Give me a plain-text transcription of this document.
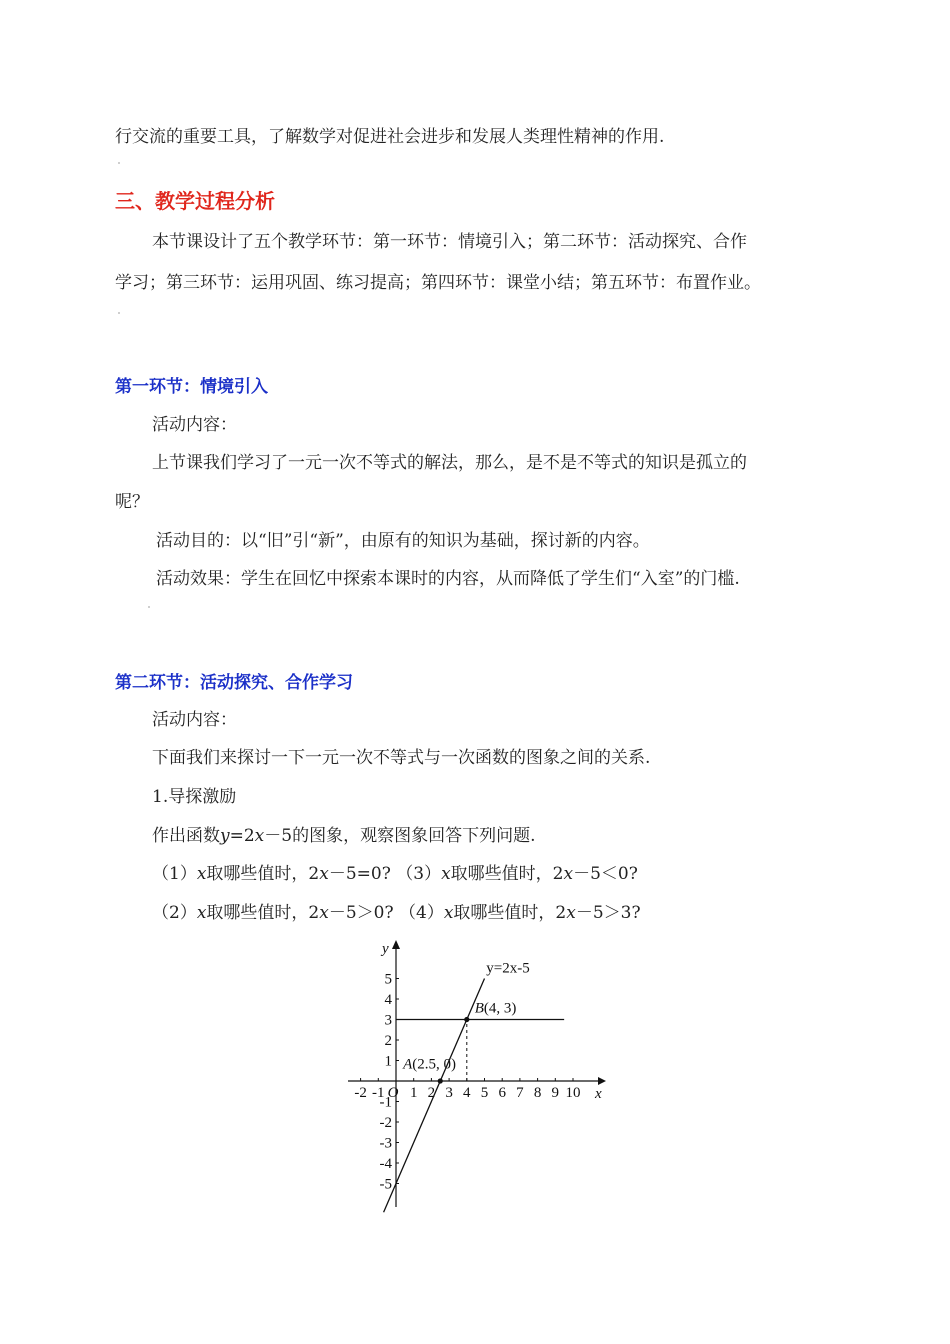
行交流的重要工具，了解数学对促进社会进步和发展人类理性精神的作用.
三、教学过程分析
本节课设计了五个教学环节：第一环节：情境引入；第二环节：活动探究、合作
学习；第三环节：运用巩固、练习提高；第四环节：课堂小结；第五环节：布置作业。
第一环节：情境引入
活动内容：
上节课我们学习了一元一次不等式的解法，那么，是不是不等式的知识是孤立的
呢？
活动目的：以“旧”引“新”，由原有的知识为基础，探讨新的内容。
活动效果：学生在回忆中探索本课时的内容，从而降低了学生们“入室”的门槛.
第二环节：活动探究、合作学习
活动内容：
下面我们来探讨一下一元一次不等式与一次函数的图象之间的关系.
1.导探激励
作出函数y=2x－5的图象，观察图象回答下列问题.
（1）x取哪些值时，2x－5=0? （3）x取哪些值时，2x－5＜0?
（2）x取哪些值时，2x－5＞0? （4）x取哪些值时，2x－5＞3?
x
y
-2 -1 1 2 3 4 5 6 7 8 9 10
O
5
4
3
2
1
-1
-2
-3
-4
-5
y=2x-5
A(2.5, 0)
B(4, 3)
